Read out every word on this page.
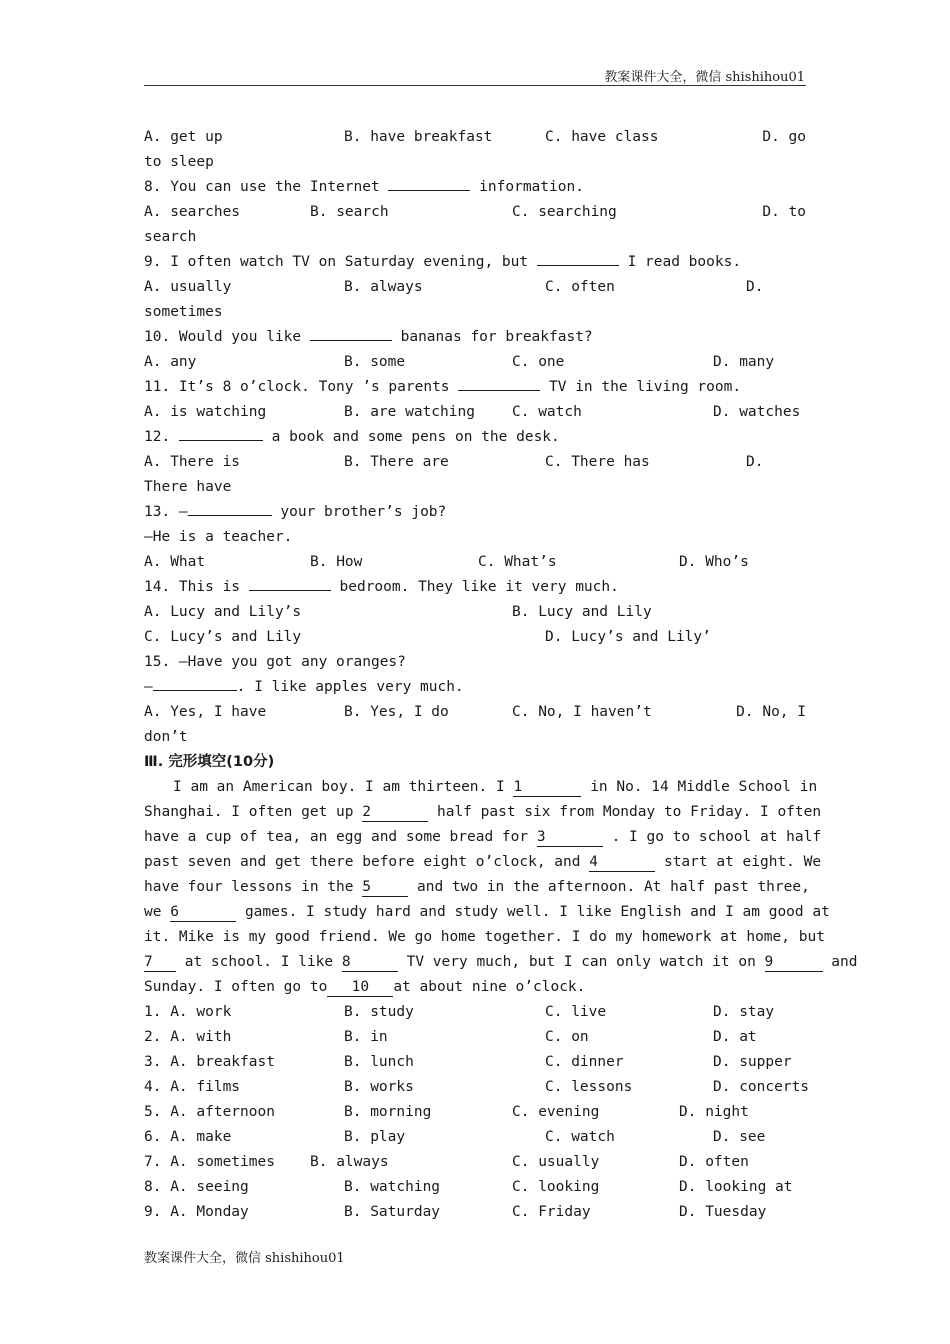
教案课件大全，微信 shishihou01
A. get up	B. have breakfast	C. have class	D. go
to sleep
8. You can use the Internet	information.
A. searches	B. search	C. searching	D. to
search
9. I often watch TV on Saturday evening, but	I read books.
A. usually	B. always	C. often	D.
sometimes
10. Would you like	bananas for breakfast?
A. any	B. some	C. one	D. many
11. It’s 8 o’clock. Tony ’s parents	TV in the living room.
A. is watching	B. are watching	C. watch	D. watches
12.	a book and some pens on the desk.
A. There is	B. There are	C. There has	D.
There have
13. —	your brother’s job?
—He is a teacher.
A. What	B. How	C. What’s	D. Who’s
14. This is	bedroom. They like it very much.
A. Lucy and Lily’s	B. Lucy and Lily
C. Lucy’s and Lily	D. Lucy’s and Lily’
15. —Have you got any oranges?
—	. I like apples very much.
A. Yes, I have	B. Yes, I do	C. No, I haven’t	D. No, I
don’t
Ⅲ. 完形填空(10分)
I am an American boy. I am thirteen. I 1	in No. 14 Middle School in
Shanghai. I often get up 2	half past six from Monday to Friday. I often
have a cup of tea, an egg and some bread for 3	. I go to school at half
past seven and get there before eight o’clock, and 4	start at eight. We
have four lessons in the 5	and two in the afternoon. At half past three,
we 6	games. I study hard and study well. I like English and I am good at
it. Mike is my good friend. We go home together. I do my homework at home, but
7 at school. I like 8	TV very much, but I can only watch it on 9	and
Sunday. I often go to 10 at about nine o’clock.
1. A. work	B. study	C. live	D. stay
2. A. with	B. in	C. on	D. at
3. A. breakfast	B. lunch	C. dinner	D. supper
4. A. films	B. works	C. lessons	D. concerts
5. A. afternoon	B. morning	C. evening	D. night
6. A. make	B. play	C. watch	D. see
7. A. sometimes B. always	C. usually	D. often
8. A. seeing	B. watching	C. looking	D. looking at
9. A. Monday	B. Saturday	C. Friday	D. Tuesday
教案课件大全，微信 shishihou01
